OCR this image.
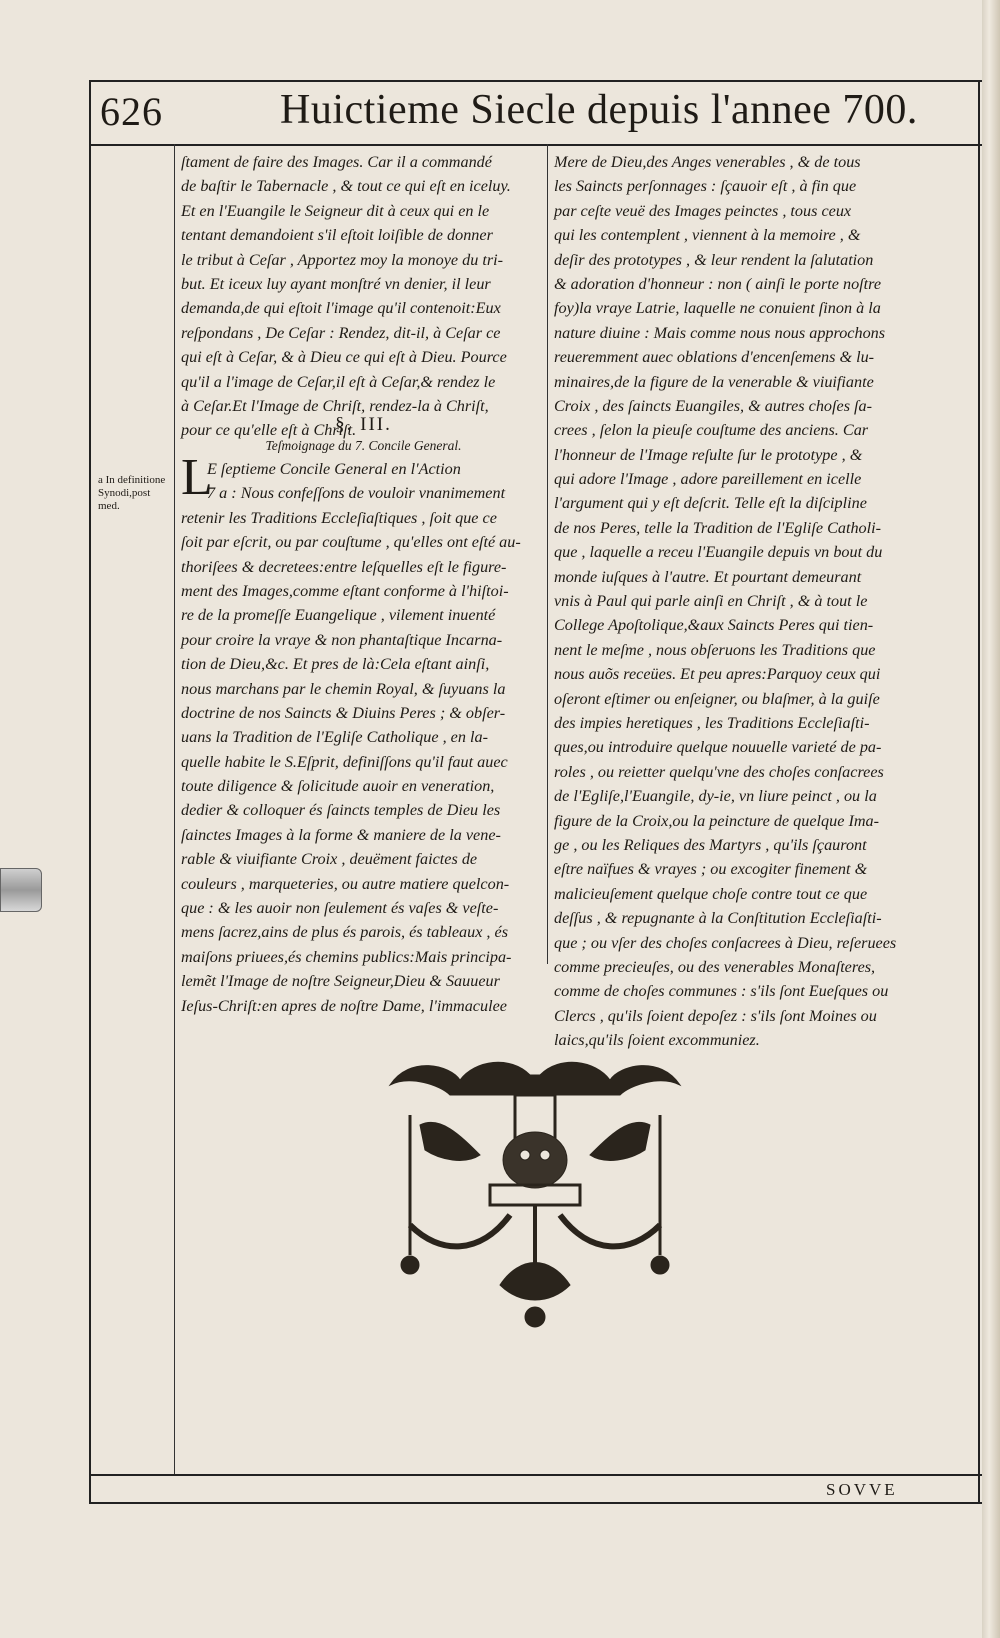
626	Huictieme Siecle depuis l'annee 700.
a In definitione Synodi,post med.
ſtament de faire des Images. Car il a commandé
de baſtir le Tabernacle , & tout ce qui eſt en iceluy.
Et en l'Euangile le Seigneur dit à ceux qui en le
tentant demandoient s'il eſtoit loiſible de donner
le tribut à Ceſar , Apportez moy la monoye du tri-
but. Et iceux luy ayant monſtré vn denier, il leur
demanda,de qui eſtoit l'image qu'il contenoit:Eux
reſpondans , De Ceſar : Rendez, dit-il, à Ceſar ce
qui eſt à Ceſar, & à Dieu ce qui eſt à Dieu. Pource
qu'il a l'image de Ceſar,il eſt à Ceſar,& rendez le
à Ceſar.Et l'Image de Chriſt, rendez-la à Chriſt,
pour ce qu'elle eſt à Chriſt.
§. III.
Teſmoignage du 7. Concile General.
L
E ſeptieme Concile General en l'Action
7 a : Nous confeſſons de vouloir vnanimement
retenir les Traditions Eccleſiaſtiques , ſoit que ce
ſoit par eſcrit, ou par couſtume , qu'elles ont eſté au-
thoriſees & decretees:entre leſquelles eſt le figure-
ment des Images,comme eſtant conforme à l'hiſtoi-
re de la promeſſe Euangelique , vilement inuenté
pour croire la vraye & non phantaſtique Incarna-
tion de Dieu,&c. Et pres de là:Cela eſtant ainſi,
nous marchans par le chemin Royal, & ſuyuans la
doctrine de nos Saincts & Diuins Peres ; & obſer-
uans la Tradition de l'Egliſe Catholique , en la-
quelle habite le S.Eſprit, definiſſons qu'il faut auec
toute diligence & ſolicitude auoir en veneration,
dedier & colloquer és ſaincts temples de Dieu les
ſainctes Images à la forme & maniere de la vene-
rable & viuifiante Croix , deuëment faictes de
couleurs , marqueteries, ou autre matiere quelcon-
que : & les auoir non ſeulement és vaſes & veſte-
mens ſacrez,ains de plus és parois, és tableaux , és
maiſons priuees,és chemins publics:Mais principa-
lemẽt l'Image de noſtre Seigneur,Dieu & Sauueur
Ieſus-Chriſt:en apres de noſtre Dame, l'immaculee
Mere de Dieu,des Anges venerables , & de tous
les Saincts perſonnages : ſçauoir eſt , à fin que
par ceſte veuë des Images peinctes , tous ceux
qui les contemplent , viennent à la memoire , &
deſir des prototypes , & leur rendent la ſalutation
& adoration d'honneur : non ( ainſi le porte noſtre
foy)la vraye Latrie, laquelle ne conuient ſinon à la
nature diuine : Mais comme nous nous approchons
reueremment auec oblations d'encenſemens & lu-
minaires,de la figure de la venerable & viuifiante
Croix , des ſaincts Euangiles, & autres choſes ſa-
crees , ſelon la pieuſe couſtume des anciens. Car
l'honneur de l'Image reſulte ſur le prototype , &
qui adore l'Image , adore pareillement en icelle
l'argument qui y eſt deſcrit. Telle eſt la diſcipline
de nos Peres, telle la Tradition de l'Egliſe Catholi-
que , laquelle a receu l'Euangile depuis vn bout du
monde iuſques à l'autre. Et pourtant demeurant
vnis à Paul qui parle ainſi en Chriſt , & à tout le
College Apoſtolique,&aux Saincts Peres qui tien-
nent le meſme , nous obſeruons les Traditions que
nous auõs receües. Et peu apres:Parquoy ceux qui
oſeront eſtimer ou enſeigner, ou blaſmer, à la guiſe
des impies heretiques , les Traditions Eccleſiaſti-
ques,ou introduire quelque nouuelle varieté de pa-
roles , ou reietter quelqu'vne des choſes conſacrees
de l'Egliſe,l'Euangile, dy-ie, vn liure peinct , ou la
figure de la Croix,ou la peincture de quelque Ima-
ge , ou les Reliques des Martyrs , qu'ils ſçauront
eſtre naïfues & vrayes ; ou excogiter finement &
malicieuſement quelque choſe contre tout ce que
deſſus , & repugnante à la Conſtitution Eccleſiaſti-
que ; ou vſer des choſes conſacrees à Dieu, reſeruees
comme precieuſes, ou des venerables Monaſteres,
comme de choſes communes : s'ils ſont Eueſques ou
Clercs , qu'ils ſoient depoſez : s'ils ſont Moines ou
laics,qu'ils ſoient excommuniez.
SOVVE
